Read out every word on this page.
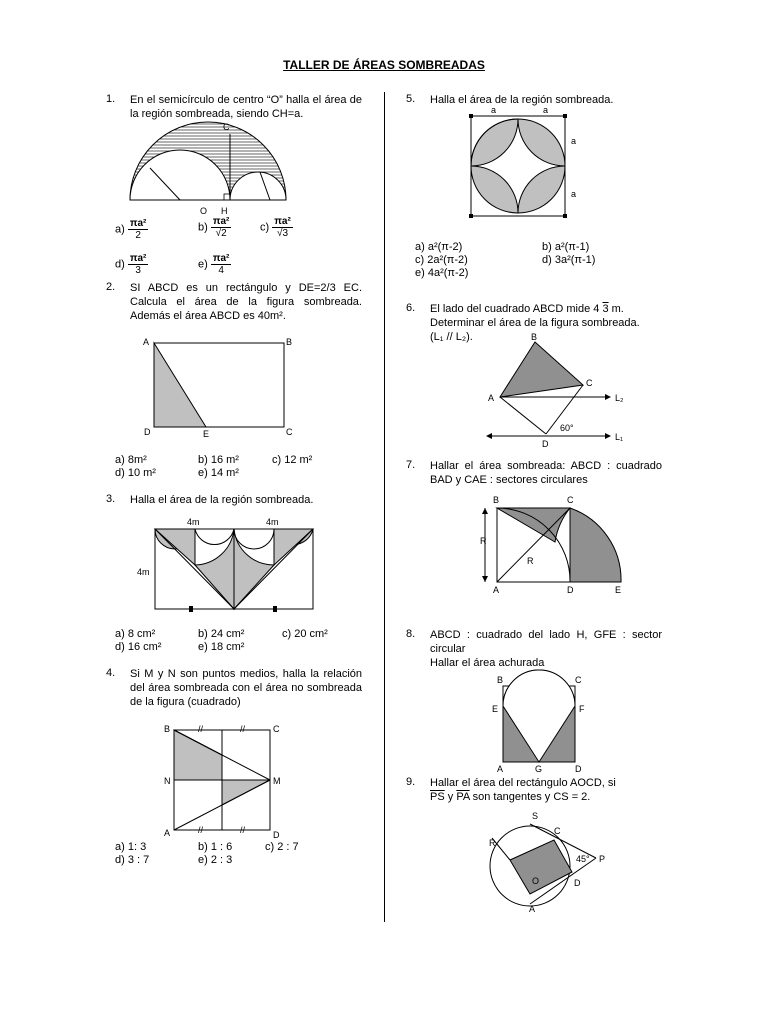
TALLER DE ÁREAS SOMBREADAS
1. En el semicírculo de centro “O” halla el área de la región sombreada, siendo CH=a.
C
O H
$a) \frac{\text{πa²}}{2}$	$b) \frac{\text{πa²}}{√2}$	$c) \frac{\text{πa²}}{√3}$
$d) \frac{\text{πa²}}{3}$	$e) \frac{\text{πa²}}{4}$
2. SI ABCD es un rectángulo y DE=2/3 EC. Calcula el área de la figura sombreada. Además el área ABCD es 40m².
A	B
D	E	C
a) 8m²	b) 16 m²	c) 12 m²
d) 10 m²	e) 14 m²
3. Halla el área de la región sombreada.
4m	4m
4m
a) 8 cm²	b) 24 cm²	c) 20 cm²
d) 16 cm²	e) 18 cm²
4. Si M y N son puntos medios, halla la relación del área sombreada con el área no sombreada de la figura (cuadrado)
//	//
//	//
B	C
N	M
A	D
a) 1: 3	b) 1 : 6	c) 2 : 7
d) 3 : 7	e) 2 : 3
5. Halla el área de la región sombreada.
a	a
a
a
a) a²(π-2)	b) a²(π-1)
c) 2a²(π-2)	d) 3a²(π-1)
e) 4a²(π-2)
6. El lado del cuadrado ABCD mide 4 3 m.
Determinar el área de la figura sombreada.
(L₁ // L₂).	B
C
A
D
L₂
L₁
60°
7. Hallar el área sombreada: ABCD : cuadrado BAD y CAE : sectores circulares
B	C
R
R
A	D	E
8. ABCD : cuadrado del lado H, GFE : sector circular
Hallar el área achurada
B	C
E	F
A	G	D
9. Hallar el área del rectángulo AOCD, si
$\overline{PS}$ y $\overline{PA}$ son tangentes y CS = 2.
S
C
R
O	D
A
P
45°
